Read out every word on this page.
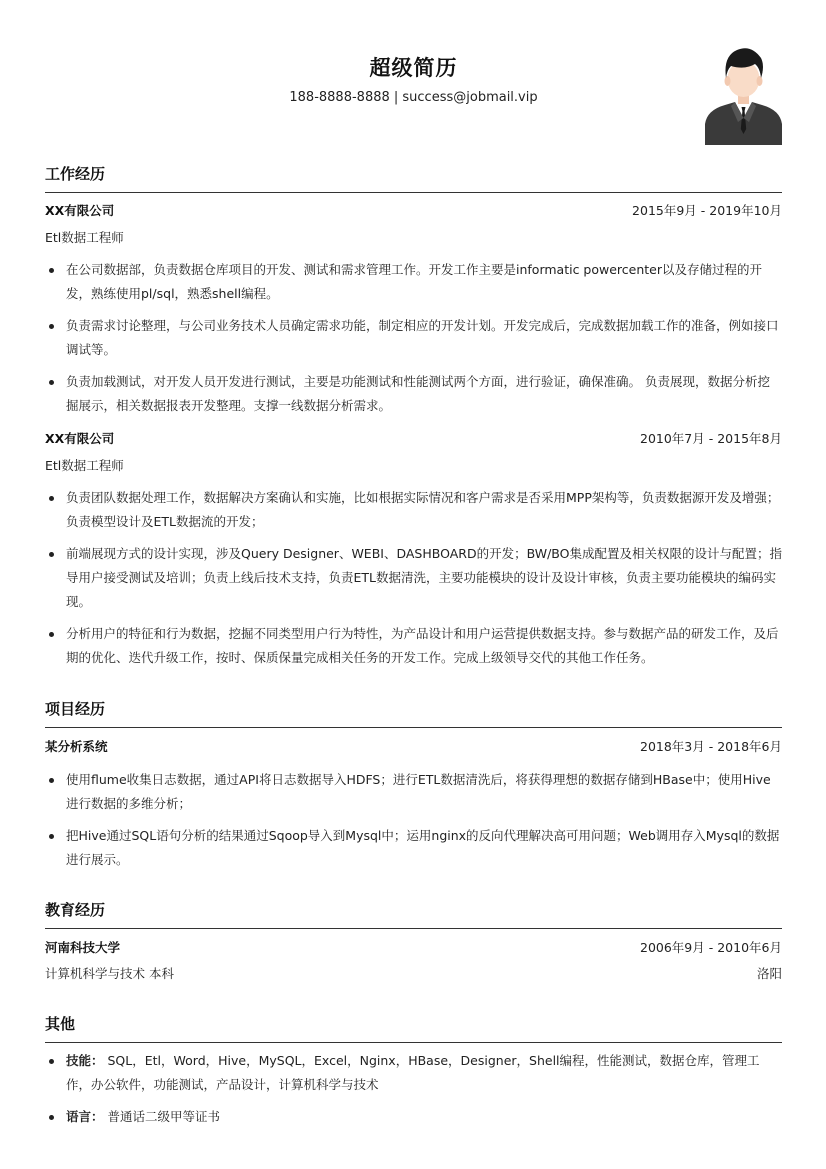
超级简历
188-8888-8888 | success@jobmail.vip
工作经历
XX有限公司	2015年9月 - 2019年10月
Etl数据工程师
在公司数据部，负责数据仓库项目的开发、测试和需求管理工作。开发工作主要是informatic powercenter以及存储过程的开发，熟练使用pl/sql，熟悉shell编程。
负责需求讨论整理，与公司业务技术人员确定需求功能，制定相应的开发计划。开发完成后，完成数据加载工作的准备，例如接口调试等。
负责加载测试，对开发人员开发进行测试，主要是功能测试和性能测试两个方面，进行验证，确保准确。 负责展现，数据分析挖掘展示，相关数据报表开发整理。支撑一线数据分析需求。
XX有限公司	2010年7月 - 2015年8月
Etl数据工程师
负责团队数据处理工作，数据解决方案确认和实施，比如根据实际情况和客户需求是否采用MPP架构等，负责数据源开发及增强；负责模型设计及ETL数据流的开发；
前端展现方式的设计实现，涉及Query Designer、WEBI、DASHBOARD的开发；BW/BO集成配置及相关权限的设计与配置；指导用户接受测试及培训；负责上线后技术支持，负责ETL数据清洗，主要功能模块的设计及设计审核，负责主要功能模块的编码实现。
分析用户的特征和行为数据，挖掘不同类型用户行为特性，为产品设计和用户运营提供数据支持。参与数据产品的研发工作，及后期的优化、迭代升级工作，按时、保质保量完成相关任务的开发工作。完成上级领导交代的其他工作任务。
项目经历
某分析系统	2018年3月 - 2018年6月
使用flume收集日志数据，通过API将日志数据导入HDFS；进行ETL数据清洗后，将获得理想的数据存储到HBase中；使用Hive进行数据的多维分析；
把Hive通过SQL语句分析的结果通过Sqoop导入到Mysql中；运用nginx的反向代理解决高可用问题；Web调用存入Mysql的数据进行展示。
教育经历
河南科技大学	2006年9月 - 2010年6月
计算机科学与技术 本科	洛阳
其他
技能： SQL，Etl，Word，Hive，MySQL，Excel，Nginx，HBase，Designer，Shell编程，性能测试，数据仓库，管理工作，办公软件，功能测试，产品设计，计算机科学与技术
语言： 普通话二级甲等证书
